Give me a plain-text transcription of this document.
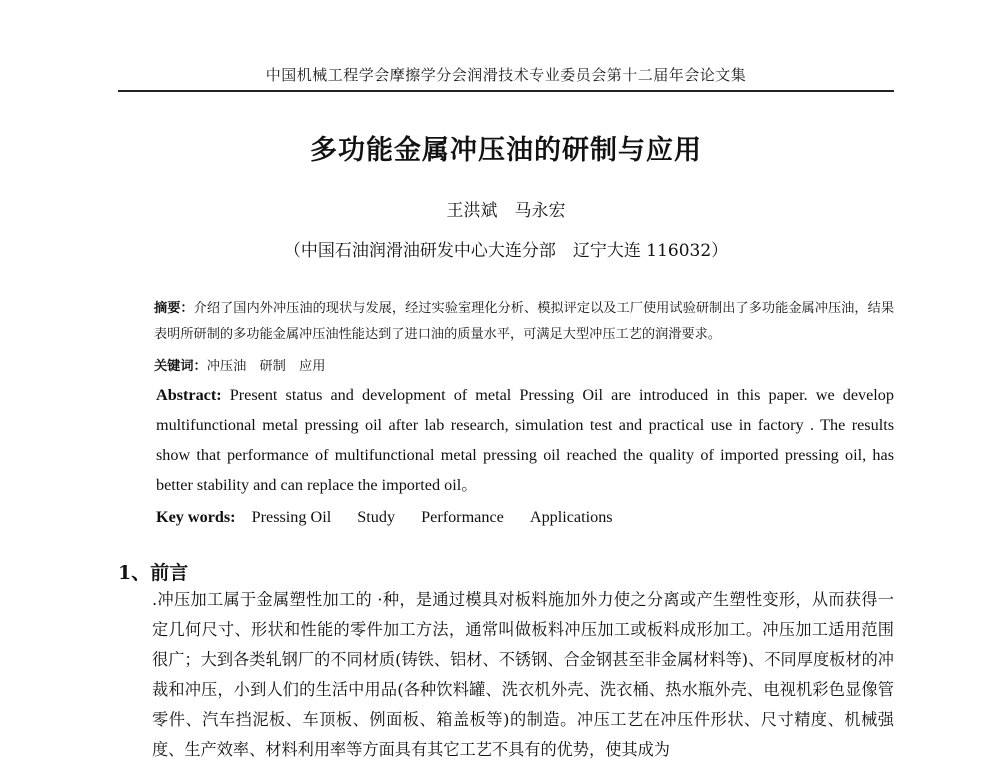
中国机械工程学会摩擦学分会润滑技术专业委员会第十二届年会论文集
多功能金属冲压油的研制与应用
王洪斌　马永宏
（中国石油润滑油研发中心大连分部　辽宁大连 116032）
摘要：介绍了国内外冲压油的现状与发展，经过实验室理化分析、模拟评定以及工厂使用试验研制出了多功能金属冲压油，结果表明所研制的多功能金属冲压油性能达到了进口油的质量水平，可满足大型冲压工艺的润滑要求。
关键词：冲压油　研制　应用
Abstract: Present status and development of metal Pressing Oil are introduced in this paper. we develop multifunctional metal pressing oil after lab research, simulation test and practical use in factory . The results show that performance of multifunctional metal pressing oil reached the quality of imported pressing oil, has better stability and can replace the imported oil。
Key words: Pressing Oil Study Performance Applications
1、前言
.冲压加工属于金属塑性加工的 ·种，是通过模具对板料施加外力使之分离或产生塑性变形，从而获得一定几何尺寸、形状和性能的零件加工方法，通常叫做板料冲压加工或板料成形加工。冲压加工适用范围很广；大到各类轧钢厂的不同材质(铸铁、铝材、不锈钢、合金钢甚至非金属材料等)、不同厚度板材的冲裁和冲压，小到人们的生活中用品(各种饮料罐、洗衣机外壳、洗衣桶、热水瓶外壳、电视机彩色显像管零件、汽车挡泥板、车顶板、例面板、箱盖板等)的制造。冲压工艺在冲压件形状、尺寸精度、机械强度、生产效率、材料利用率等方面具有其它工艺不具有的优势，使其成为
